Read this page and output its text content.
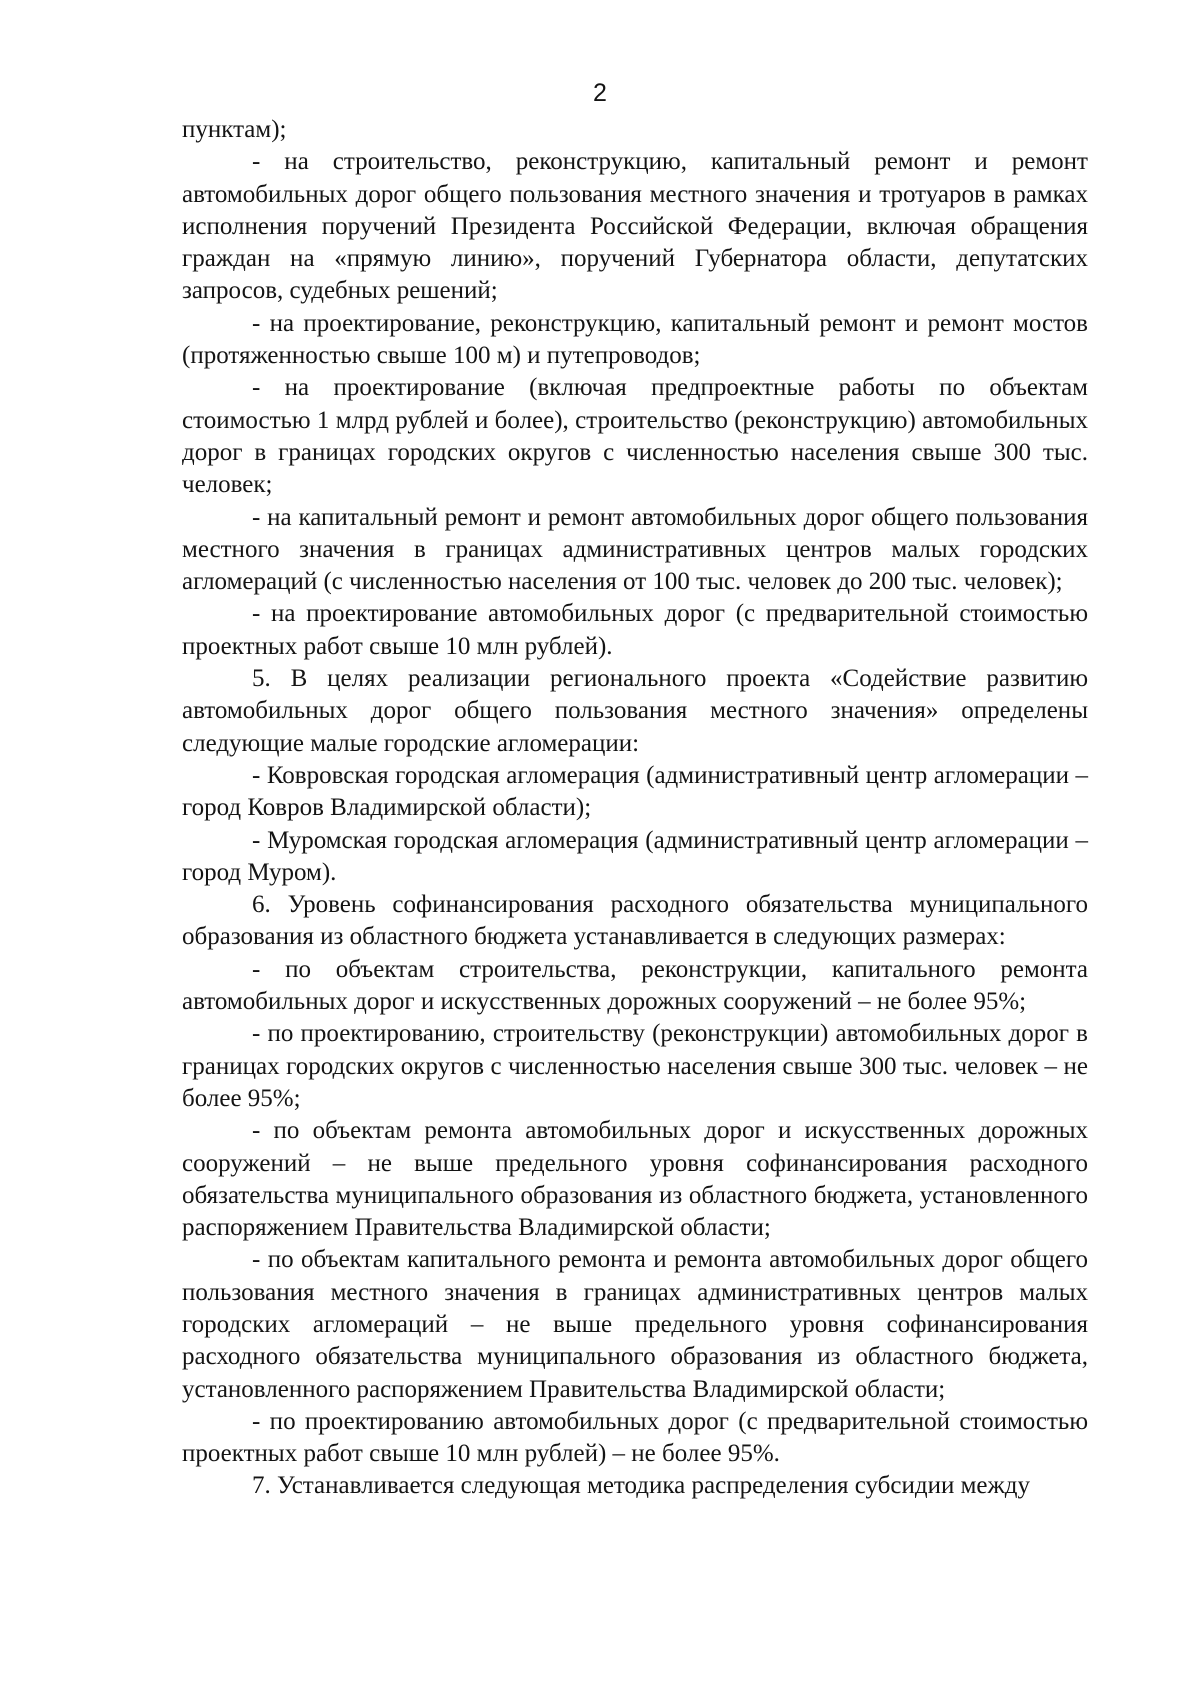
2

пунктам);

- на строительство, реконструкцию, капитальный ремонт и ремонт автомобильных дорог общего пользования местного значения и тротуаров в рамках исполнения поручений Президента Российской Федерации, включая обращения граждан на «прямую линию», поручений Губернатора области, депутатских запросов, судебных решений;

- на проектирование, реконструкцию, капитальный ремонт и ремонт мостов (протяженностью свыше 100 м) и путепроводов;

- на проектирование (включая предпроектные работы по объектам стоимостью 1 млрд рублей и более), строительство (реконструкцию) автомобильных дорог в границах городских округов с численностью населения свыше 300 тыс. человек;

- на капитальный ремонт и ремонт автомобильных дорог общего пользования местного значения в границах административных центров малых городских агломераций (с численностью населения от 100 тыс. человек до 200 тыс. человек);

- на проектирование автомобильных дорог (с предварительной стоимостью проектных работ свыше 10 млн рублей).

5. В целях реализации регионального проекта «Содействие развитию автомобильных дорог общего пользования местного значения» определены следующие малые городские агломерации:

- Ковровская городская агломерация (административный центр агломерации – город Ковров Владимирской области);

- Муромская городская агломерация (административный центр агломерации – город Муром).

6. Уровень софинансирования расходного обязательства муниципального образования из областного бюджета устанавливается в следующих размерах:

- по объектам строительства, реконструкции, капитального ремонта автомобильных дорог и искусственных дорожных сооружений – не более 95%;

- по проектированию, строительству (реконструкции) автомобильных дорог в границах городских округов с численностью населения свыше 300 тыс. человек – не более 95%;

- по объектам ремонта автомобильных дорог и искусственных дорожных сооружений – не выше предельного уровня софинансирования расходного обязательства муниципального образования из областного бюджета, установленного распоряжением Правительства Владимирской области;

- по объектам капитального ремонта и ремонта автомобильных дорог общего пользования местного значения в границах административных центров малых городских агломераций – не выше предельного уровня софинансирования расходного обязательства муниципального образования из областного бюджета, установленного распоряжением Правительства Владимирской области;

- по проектированию автомобильных дорог (с предварительной стоимостью проектных работ свыше 10 млн рублей) – не более 95%.

7. Устанавливается следующая методика распределения субсидии между
